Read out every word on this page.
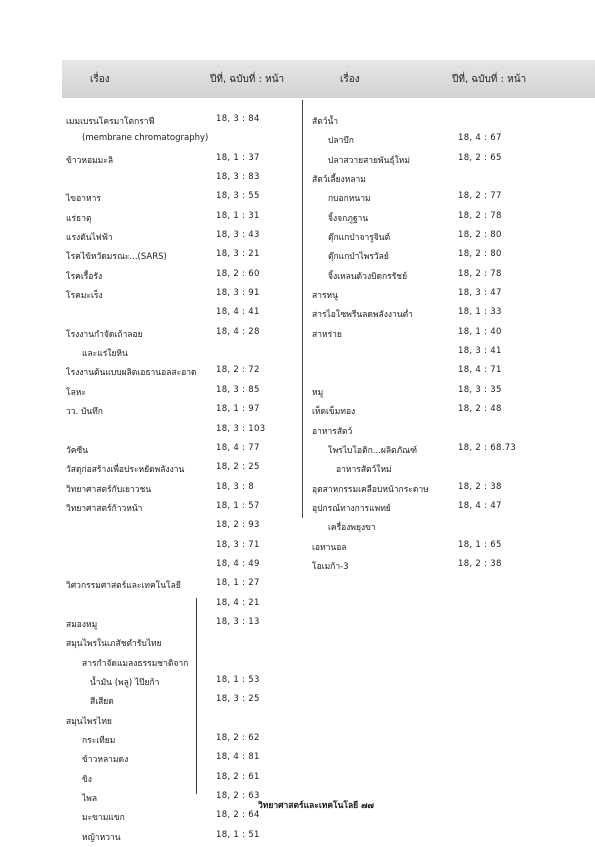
เรื่อง	ปีที่, ฉบับที่ : หน้า	เรื่อง	ปีที่, ฉบับที่ : หน้า
เมมเบรนโครมาโตกราฟี	18, 3 : 84
(membrane chromatography)
ข้าวหอมมะลิ	18, 1 : 37
18, 3 : 83
ไขอาหาร	18, 3 : 55
แร่ธาตุ	18, 1 : 31
แรงดันไฟฟ้า	18, 3 : 43
โรคไข้หวัดมรณะ...(SARS)	18, 3 : 21
โรคเรื้อรัง	18, 2 : 60
โรคมะเร็ง	18, 3 : 91
18, 4 : 41
โรงงานกำจัดเถ้าลอย	18, 4 : 28
และแร่ใยหิน
โรงงานต้นแบบผลิตเอธานอลสะอาด 18, 2 : 72
โลหะ	18, 3 : 85
วว. บันทึก	18, 1 : 97
18, 3 : 103
วัคซีน	18, 4 : 77
วัสดุก่อสร้างเพื่อประหยัดพลังงาน	18, 2 : 25
วิทยาศาสตร์กับเยาวชน	18, 3 : 8
วิทยาศาสตร์ก้าวหน้า	18, 1 : 57
18, 2 : 93
18, 3 : 71
18, 4 : 49
วิศวกรรมศาสตร์และเทคโนโลยี	18, 1 : 27
18, 4 : 21
สมองหมู	18, 3 : 13
สมุนไพรในเภสัชตำรับไทย
สารกำจัดแมลงธรรมชาติจาก
น้ำมัน (พลู) ไป๊ยก้า	18, 1 : 53
สีเสียด	18, 3 : 25
สมุนไพรไทย
กระเทียม	18, 2 : 62
ข้าวหลามดง	18, 4 : 81
ขิง	18, 2 : 61
ไพล	18, 2 : 63
มะขามแขก	18, 2 : 64
หญ้าหวาน	18, 1 : 51
สัตว์น้ำ
ปลาบึก	18, 4 : 67
ปลาสวายสายพันธุ์ใหม่	18, 2 : 65
สัตว์เลี้ยงหลาม
กบอกหนาม	18, 2 : 77
จิ้งจกภูฐาน	18, 2 : 78
ตุ๊กแกป่าจารูจินต์	18, 2 : 80
ตุ๊กแกป่าไพรวัลย์	18, 2 : 80
จิ้งเหลนด้วงบิดกรรัชย์	18, 2 : 78
สารหนู	18, 3 : 47
สารไอโซพรีนลดพลังงานต่ำ	18, 1 : 33
สาหร่าย	18, 1 : 40
18, 3 : 41
18, 4 : 71
หมู	18, 3 : 35
เห็ดเข็มทอง	18, 2 : 48
อาหารสัตว์
โพรไบโอติก...ผลิตภัณฑ์	18, 2 : 68.73
อาหารสัตว์ใหม่
อุตสาหกรรมเคลือบหน้ากระดาษ	18, 2 : 38
อุปกรณ์ทางการแพทย์	18, 4 : 47
เครื่องพยุงขา
เอทานอล	18, 1 : 65
โอเมก้า-3	18, 2 : 38
วิทยาศาสตร์และเทคโนโลยี ๗๗
